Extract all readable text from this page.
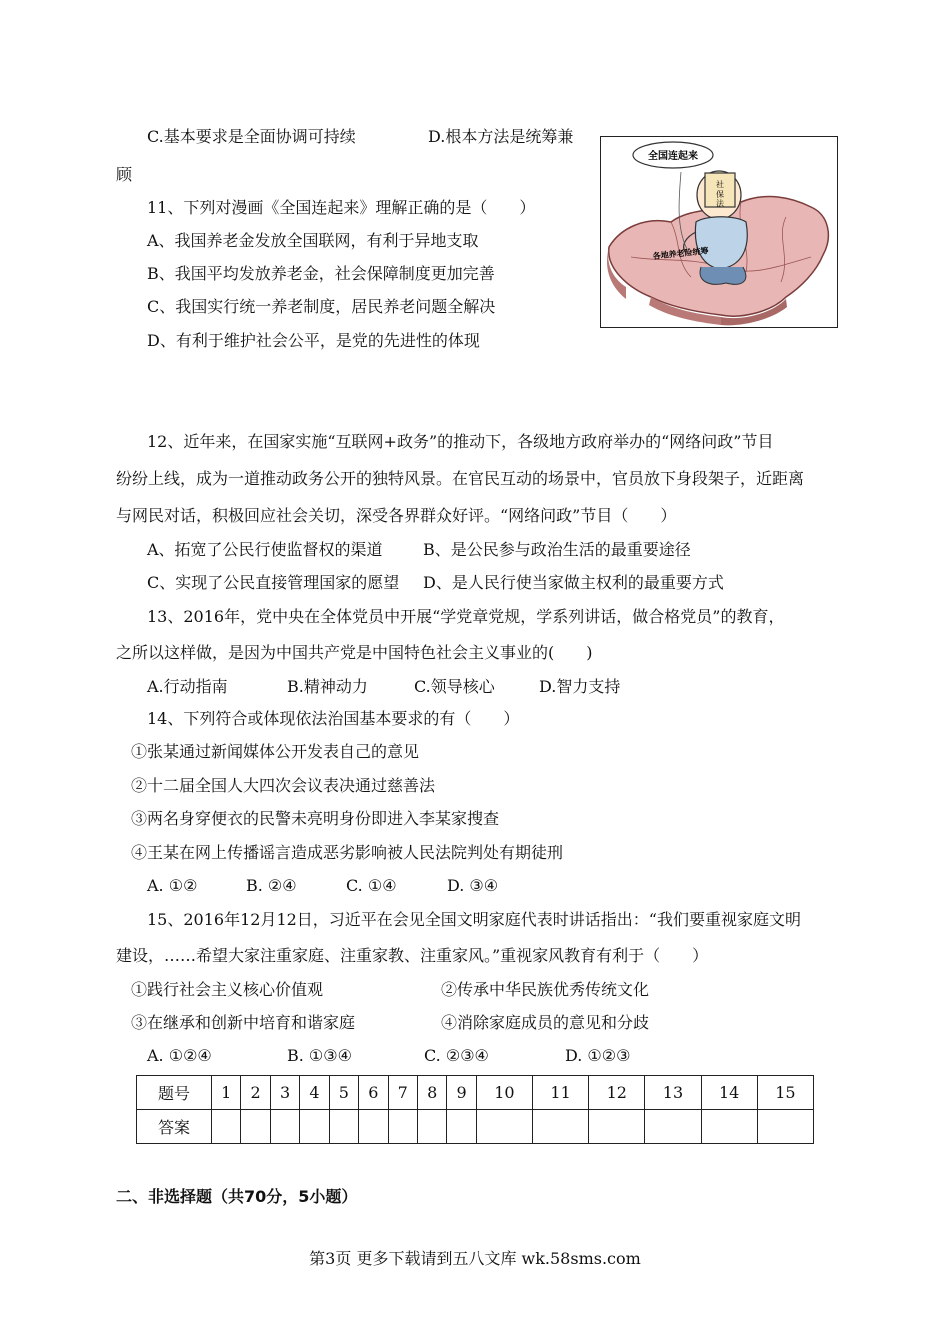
C.基本要求是全面协调可持续	D.根本方法是统筹兼
顾
11、下列对漫画《全国连起来》理解正确的是（　　）
A、我国养老金发放全国联网，有利于异地支取
B、我国平均发放养老金，社会保障制度更加完善
C、我国实行统一养老制度，居民养老问题全解决
D、有利于维护社会公平，是党的先进性的体现
社
保
法
全国连起来
各地养老险统筹
12、近年来，在国家实施“互联网+政务”的推动下，各级地方政府举办的“网络问政”节目
纷纷上线，成为一道推动政务公开的独特风景。在官民互动的场景中，官员放下身段架子，近距离
与网民对话，积极回应社会关切，深受各界群众好评。“网络问政”节目（　　）
A、拓宽了公民行使监督权的渠道	B、是公民参与政治生活的最重要途径
C、实现了公民直接管理国家的愿望 D、是人民行使当家做主权利的最重要方式
13、2016年，党中央在全体党员中开展“学党章党规，学系列讲话，做合格党员”的教育，
之所以这样做，是因为中国共产党是中国特色社会主义事业的(　　)
A.行动指南	B.精神动力	C.领导核心	D.智力支持
14、下列符合或体现依法治国基本要求的有（　　）
①张某通过新闻媒体公开发表自己的意见
②十二届全国人大四次会议表决通过慈善法
③两名身穿便衣的民警未亮明身份即进入李某家搜查
④王某在网上传播谣言造成恶劣影响被人民法院判处有期徒刑
A. ①②	B. ②④	C. ①④	D. ③④
15、2016年12月12日，习近平在会见全国文明家庭代表时讲话指出：“我们要重视家庭文明
建设，……希望大家注重家庭、注重家教、注重家风。”重视家风教育有利于（　　）
①践行社会主义核心价值观	②传承中华民族优秀传统文化
③在继承和创新中培育和谐家庭	④消除家庭成员的意见和分歧
A. ①②④	B. ①③④	C. ②③④	D. ①②③
题号	1	2	3	4	5	6	7	8	9	10	11	12	13	14	15
答案															
二、非选择题（共70分，5小题）
第3页 更多下载请到五八文库 wk.58sms.com
